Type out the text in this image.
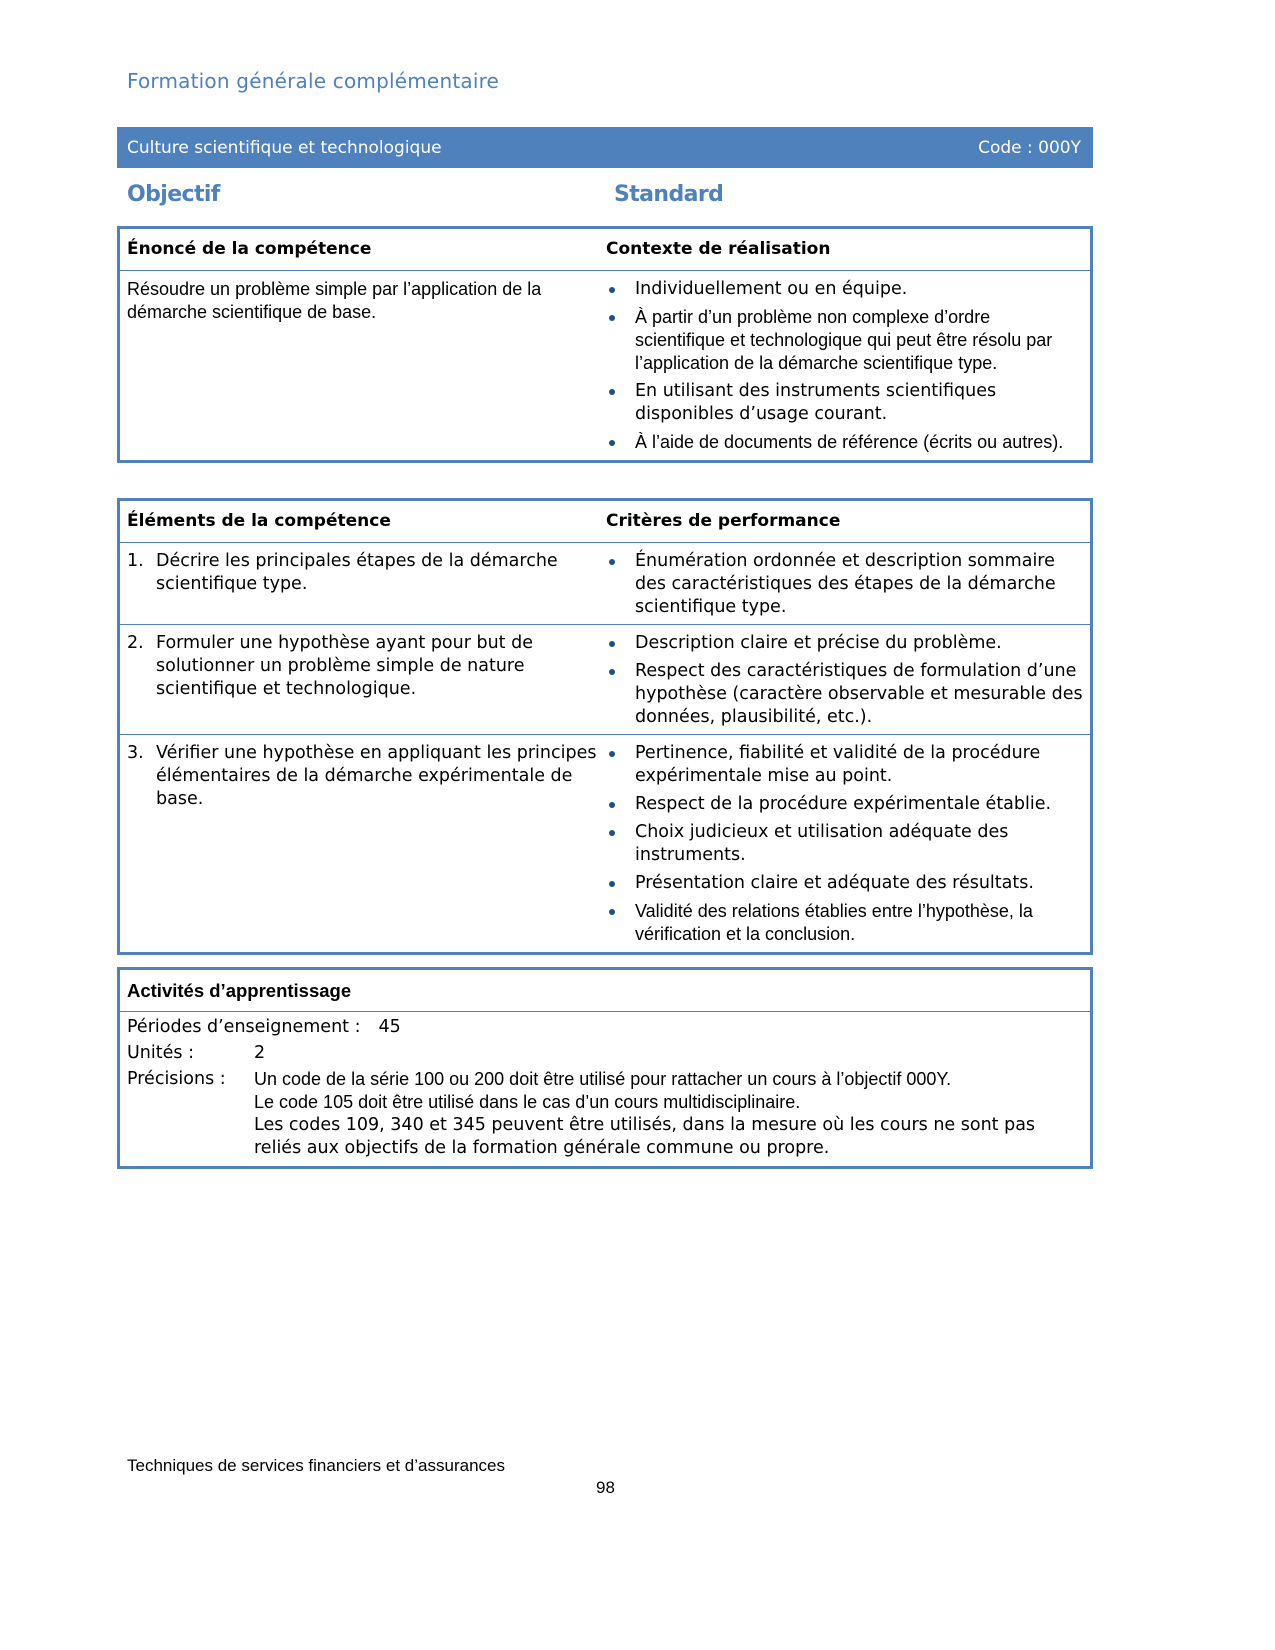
Formation générale complémentaire
Culture scientifique et technologique	Code : 000Y
Objectif	Standard
Énoncé de la compétence	Contexte de réalisation
Résoudre un problème simple par l’application de la démarche scientifique de base.
Individuellement ou en équipe.
À partir d’un problème non complexe d’ordre scientifique et technologique qui peut être résolu par l’application de la démarche scientifique type.
En utilisant des instruments scientifiques disponibles d’usage courant.
À l’aide de documents de référence (écrits ou autres).
Éléments de la compétence	Critères de performance
1. Décrire les principales étapes de la démarche scientifique type.
Énumération ordonnée et description sommaire des caractéristiques des étapes de la démarche scientifique type.
2. Formuler une hypothèse ayant pour but de solutionner un problème simple de nature scientifique et technologique.
Description claire et précise du problème.
Respect des caractéristiques de formulation d’une hypothèse (caractère observable et mesurable des données, plausibilité, etc.).
3. Vérifier une hypothèse en appliquant les principes élémentaires de la démarche expérimentale de base.
Pertinence, fiabilité et validité de la procédure expérimentale mise au point.
Respect de la procédure expérimentale établie.
Choix judicieux et utilisation adéquate des instruments.
Présentation claire et adéquate des résultats.
Validité des relations établies entre l’hypothèse, la vérification et la conclusion.
Activités d’apprentissage
Périodes d’enseignement : 45
Unités :	2
Précisions :	Un code de la série 100 ou 200 doit être utilisé pour rattacher un cours à l’objectif 000Y.
Le code 105 doit être utilisé dans le cas d’un cours multidisciplinaire.
Les codes 109, 340 et 345 peuvent être utilisés, dans la mesure où les cours ne sont pas reliés aux objectifs de la formation générale commune ou propre.
Techniques de services financiers et d’assurances
98
